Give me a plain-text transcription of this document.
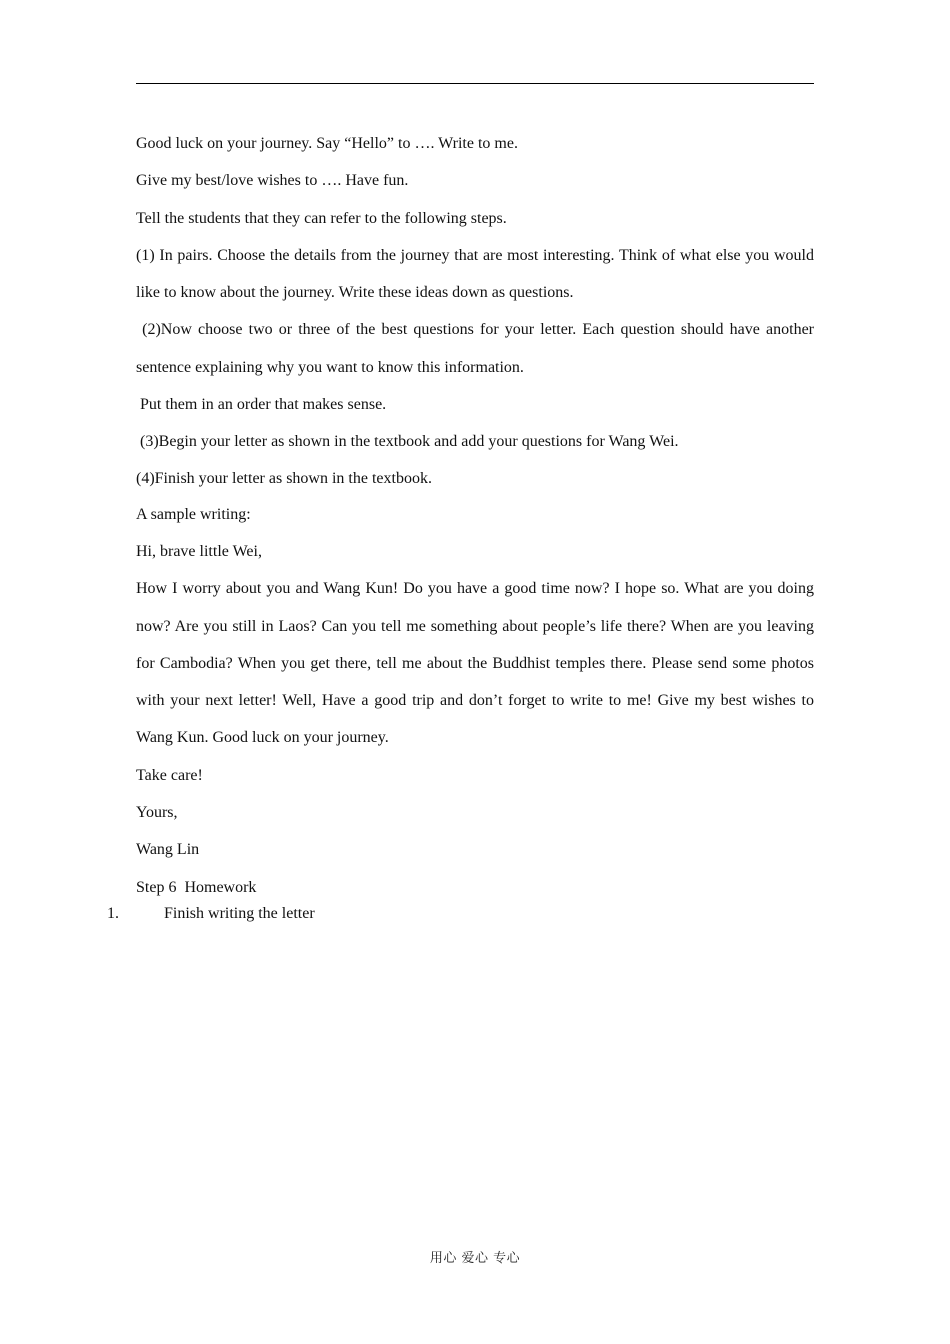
Good luck on your journey. Say “Hello” to …. Write to me.

Give my best/love wishes to …. Have fun.

Tell the students that they can refer to the following steps.

(1) In pairs. Choose the details from the journey that are most interesting. Think of what else you would like to know about the journey. Write these ideas down as questions.

(2)Now choose two or three of the best questions for your letter. Each question should have another sentence explaining why you want to know this information.

Put them in an order that makes sense.

(3)Begin your letter as shown in the textbook and add your questions for Wang Wei.

(4)Finish your letter as shown in the textbook.

A sample writing:

Hi, brave little Wei,

How I worry about you and Wang Kun! Do you have a good time now? I hope so. What are you doing now? Are you still in Laos? Can you tell me something about people’s life there? When are you leaving for Cambodia? When you get there, tell me about the Buddhist temples there. Please send some photos with your next letter! Well, Have a good trip and don’t forget to write to me! Give my best wishes to Wang Kun. Good luck on your journey.

Take care!

Yours,

Wang Lin

Step 6  Homework

1.	Finish writing the letter
用心 爱心 专心
